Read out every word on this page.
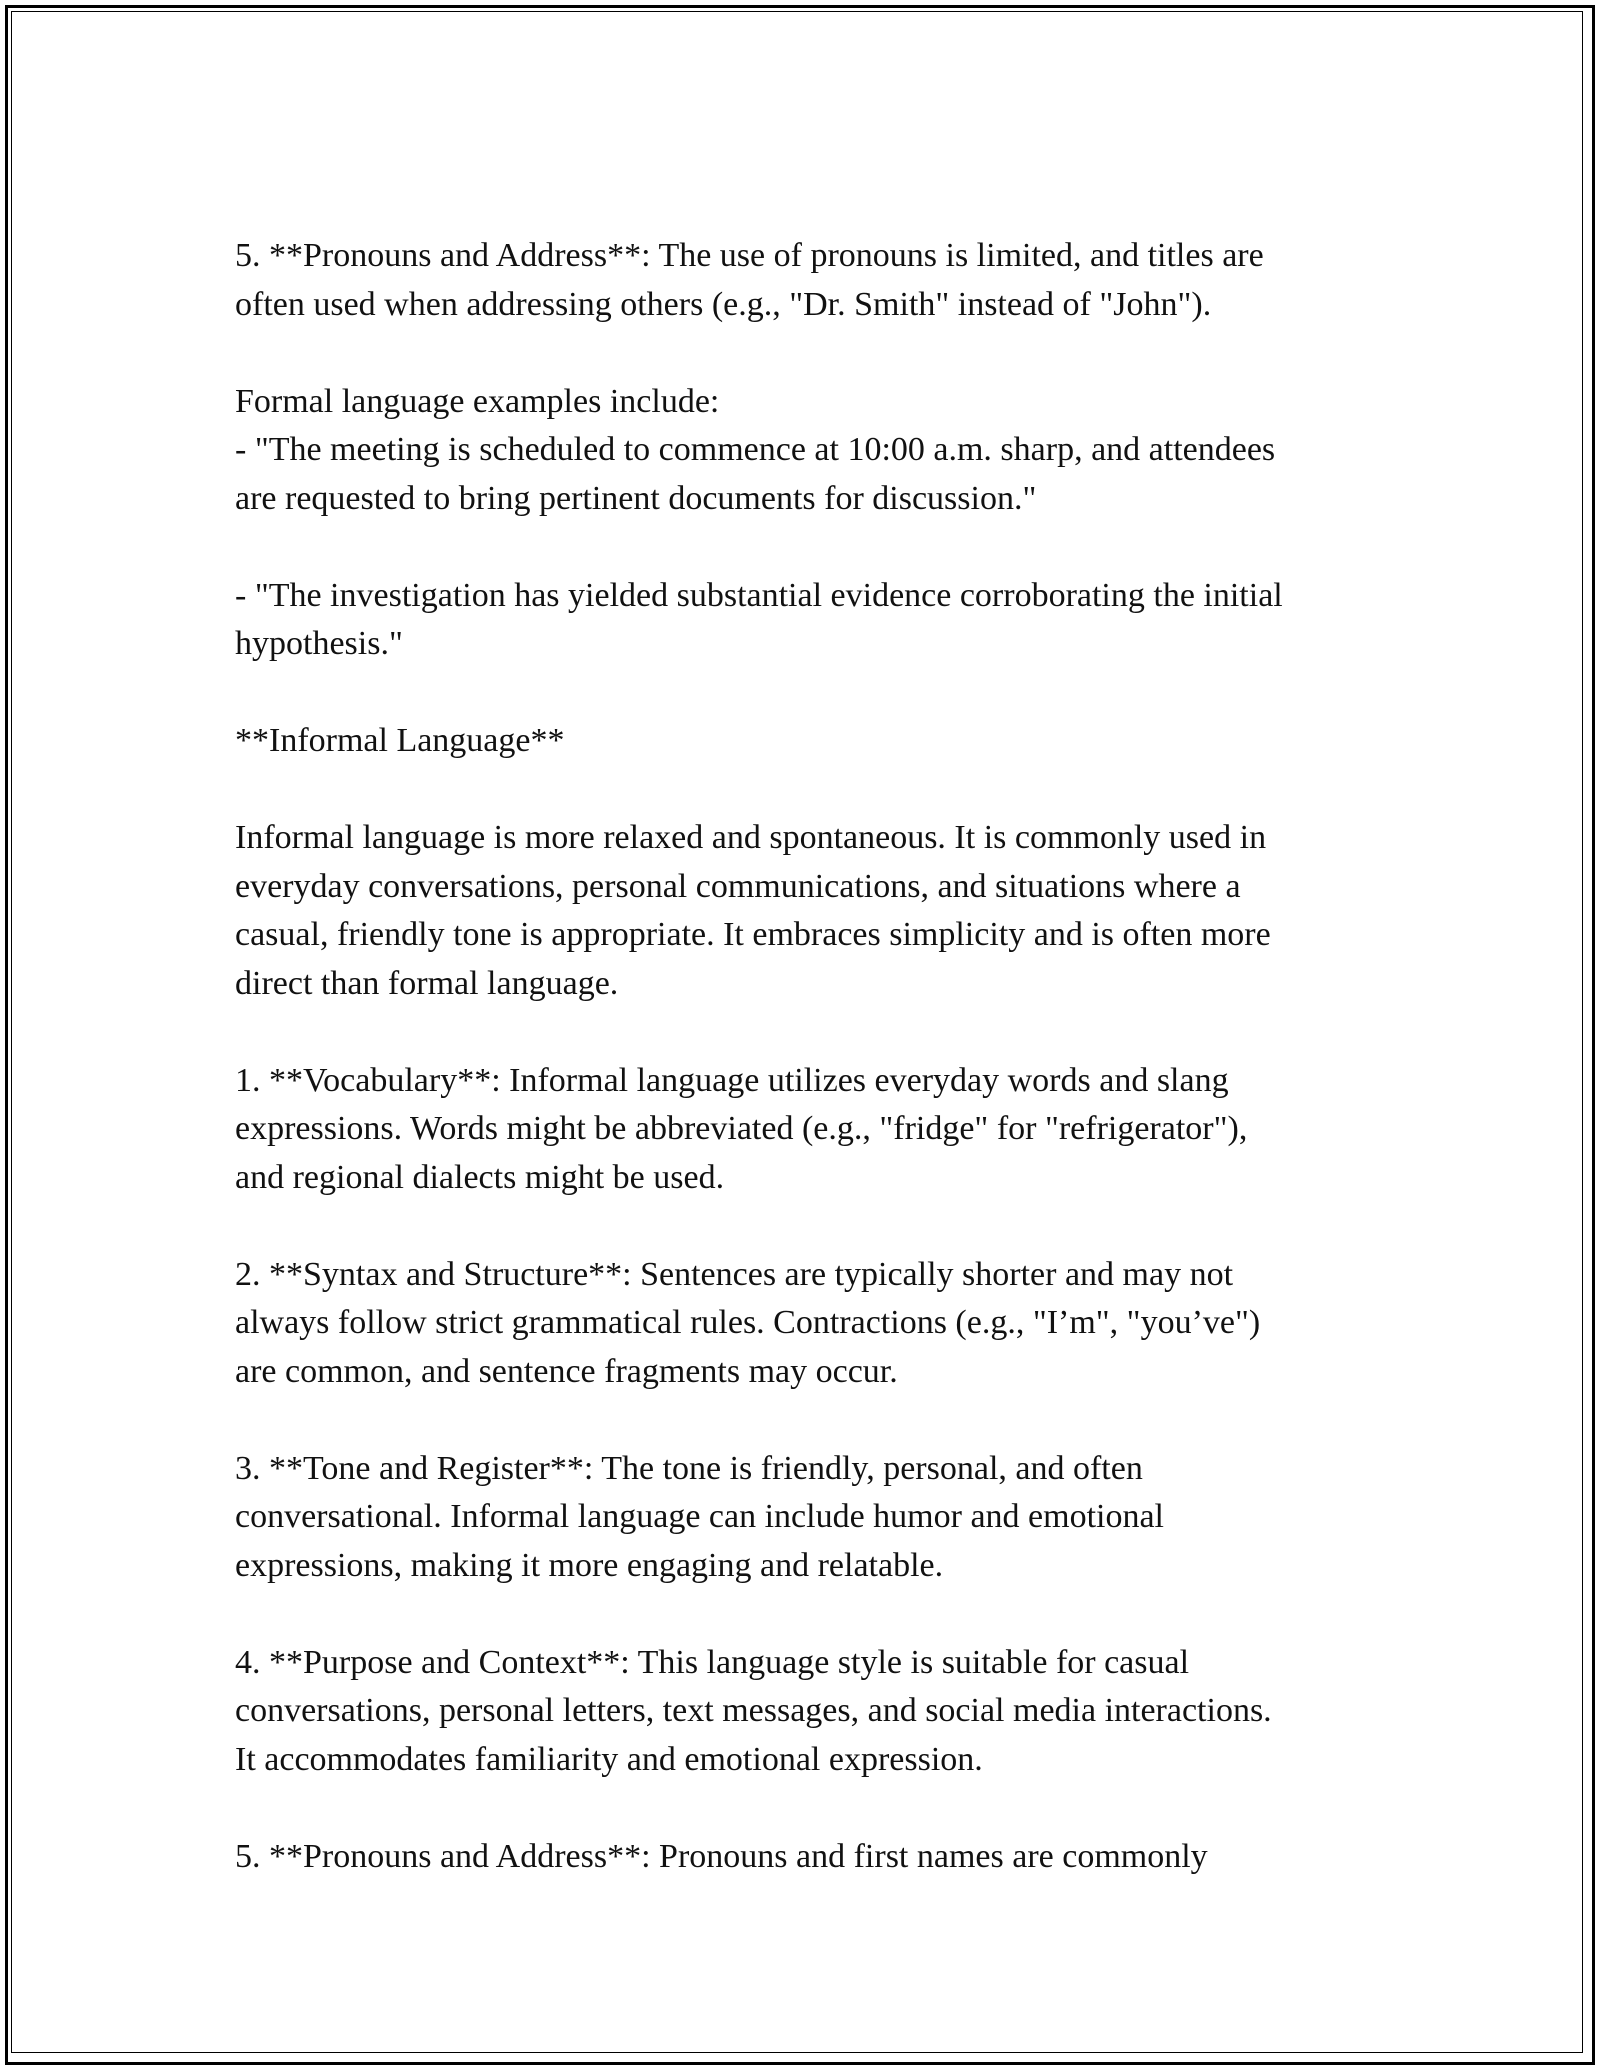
5. **Pronouns and Address**: The use of pronouns is limited, and titles are
often used when addressing others (e.g., "Dr. Smith" instead of "John").

Formal language examples include:
- "The meeting is scheduled to commence at 10:00 a.m. sharp, and attendees
are requested to bring pertinent documents for discussion."

- "The investigation has yielded substantial evidence corroborating the initial
hypothesis."

**Informal Language**

Informal language is more relaxed and spontaneous. It is commonly used in
everyday conversations, personal communications, and situations where a
casual, friendly tone is appropriate. It embraces simplicity and is often more
direct than formal language.

1. **Vocabulary**: Informal language utilizes everyday words and slang
expressions. Words might be abbreviated (e.g., "fridge" for "refrigerator"),
and regional dialects might be used.

2. **Syntax and Structure**: Sentences are typically shorter and may not
always follow strict grammatical rules. Contractions (e.g., "I’m", "you’ve")
are common, and sentence fragments may occur.

3. **Tone and Register**: The tone is friendly, personal, and often
conversational. Informal language can include humor and emotional
expressions, making it more engaging and relatable.

4. **Purpose and Context**: This language style is suitable for casual
conversations, personal letters, text messages, and social media interactions.
It accommodates familiarity and emotional expression.

5. **Pronouns and Address**: Pronouns and first names are commonly
